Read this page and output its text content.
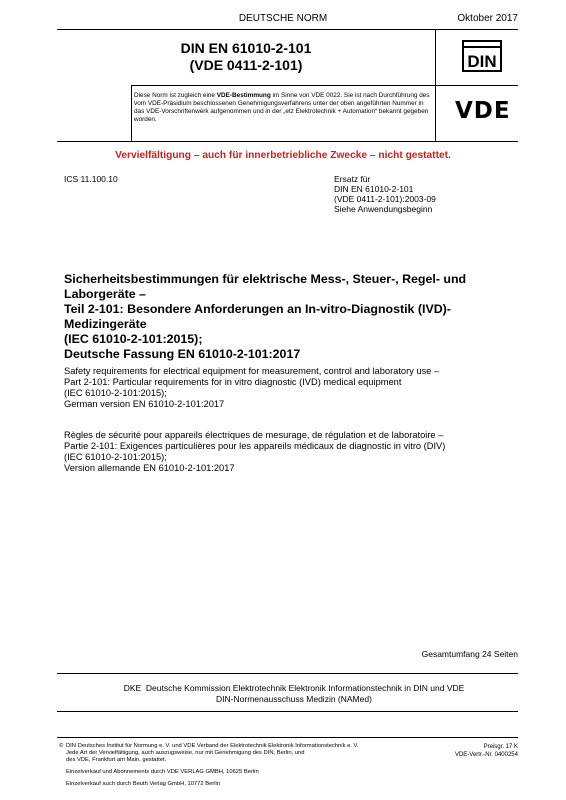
DEUTSCHE NORM	Oktober 2017
DIN EN 61010-2-101
(VDE 0411-2-101)	DIN
Diese Norm ist zugleich eine VDE-Bestimmung im Sinne von VDE 0022. Sie ist nach Durchführung des vom VDE-Präsidium beschlossenen Genehmigungsverfahrens unter der oben angeführten Nummer in das VDE-Vorschriftenwerk aufgenommen und in der „etz Elektrotechnik + Automation“ bekannt gegeben worden.	VDE
Vervielfältigung – auch für innerbetriebliche Zwecke – nicht gestattet.
ICS 11.100.10	Ersatz für
DIN EN 61010-2-101
(VDE 0411-2-101):2003-09
Siehe Anwendungsbeginn
Sicherheitsbestimmungen für elektrische Mess-, Steuer-, Regel- und
Laborgeräte –
Teil 2-101: Besondere Anforderungen an In-vitro-Diagnostik (IVD)-
Medizingeräte
(IEC 61010-2-101:2015);
Deutsche Fassung EN 61010-2-101:2017
Safety requirements for electrical equipment for measurement, control and laboratory use –
Part 2-101: Particular requirements for in vitro diagnostic (IVD) medical equipment
(IEC 61010-2-101:2015);
German version EN 61010-2-101:2017
Règles de sécurité pour appareils électriques de mesurage, de régulation et de laboratoire –
Partie 2-101: Exigences particulières pour les appareils médicaux de diagnostic in vitro (DIV)
(IEC 61010-2-101:2015);
Version allemande EN 61010-2-101:2017
Gesamtumfang 24 Seiten
DKE  Deutsche Kommission Elektrotechnik Elektronik Informationstechnik in DIN und VDE
DIN-Normenausschuss Medizin (NAMed)
© DIN Deutsches Institut für Normung e. V. und VDE Verband der Elektrotechnik Elektronik Informationstechnik e. V.
Jede Art der Vervielfältigung, auch auszugsweise, nur mit Genehmigung des DIN, Berlin, und
des VDE, Frankfurt am Main, gestattet.
Preisgr. 17 K
VDE-Vertr.-Nr. 0400254
Einzelverkauf und Abonnements durch VDE VERLAG GMBH, 10625 Berlin
Einzelverkauf auch durch Beuth Verlag GmbH, 10772 Berlin
